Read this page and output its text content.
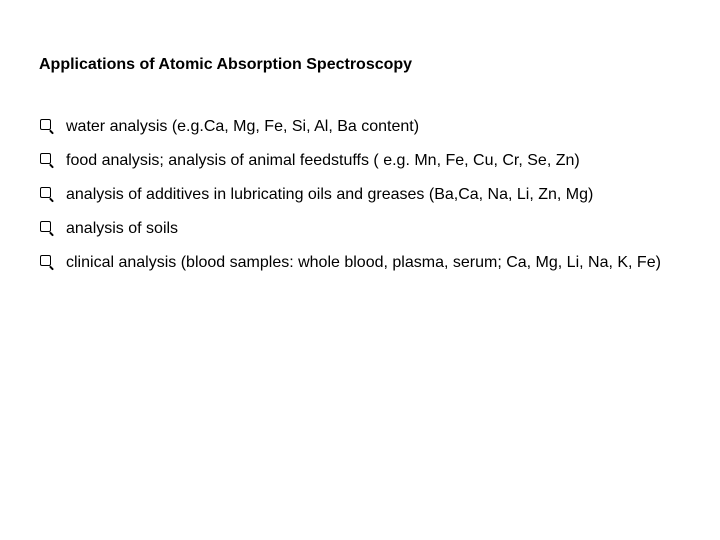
Applications of Atomic Absorption Spectroscopy
water analysis (e.g.Ca, Mg, Fe, Si, Al, Ba content)
food analysis; analysis of animal feedstuffs ( e.g. Mn, Fe, Cu, Cr, Se, Zn)
analysis of additives in lubricating oils and greases (Ba,Ca, Na, Li, Zn, Mg)
analysis of soils
clinical analysis (blood samples: whole blood, plasma, serum; Ca, Mg, Li, Na, K, Fe)
